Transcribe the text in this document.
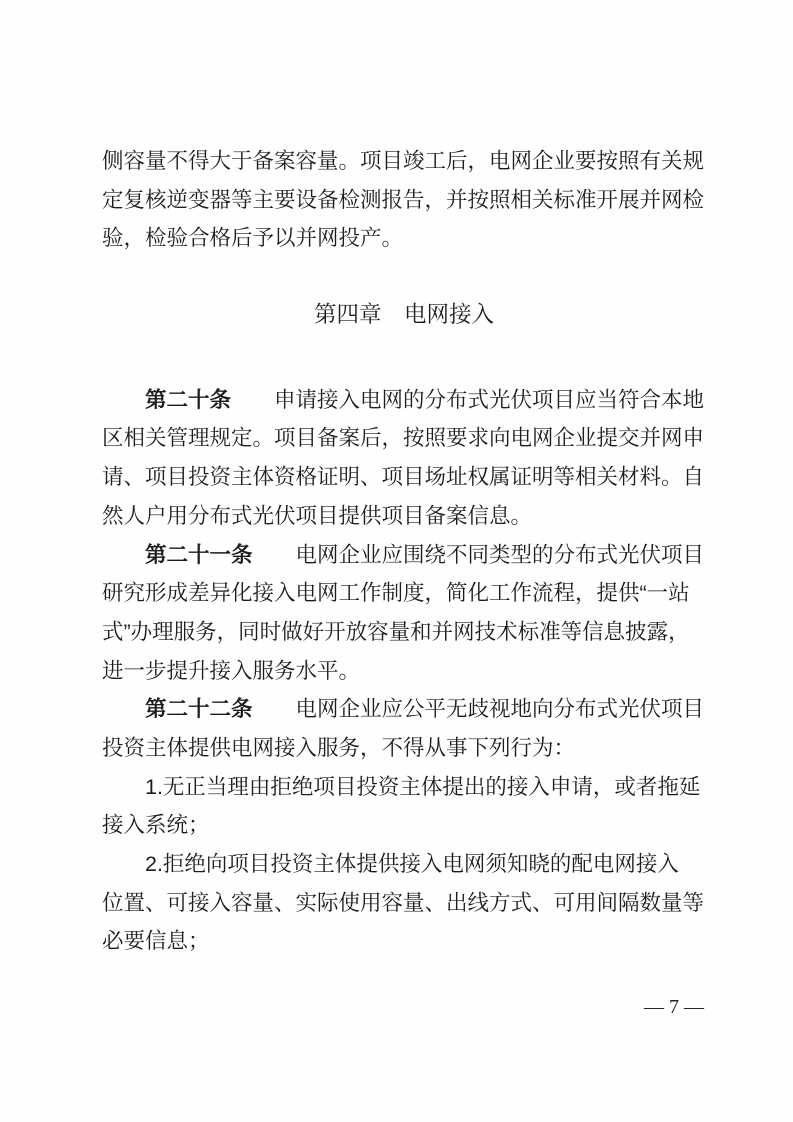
侧容量不得大于备案容量。项目竣工后，电网企业要按照有关规
定复核逆变器等主要设备检测报告，并按照相关标准开展并网检
验，检验合格后予以并网投产。
第四章　电网接入
第二十条 申请接入电网的分布式光伏项目应当符合本地
区相关管理规定。项目备案后，按照要求向电网企业提交并网申
请、项目投资主体资格证明、项目场址权属证明等相关材料。自
然人户用分布式光伏项目提供项目备案信息。
第二十一条 电网企业应围绕不同类型的分布式光伏项目
研究形成差异化接入电网工作制度，简化工作流程，提供“一站
式”办理服务，同时做好开放容量和并网技术标准等信息披露，
进一步提升接入服务水平。
第二十二条 电网企业应公平无歧视地向分布式光伏项目
投资主体提供电网接入服务，不得从事下列行为：
1.无正当理由拒绝项目投资主体提出的接入申请，或者拖延
接入系统；
2.拒绝向项目投资主体提供接入电网须知晓的配电网接入
位置、可接入容量、实际使用容量、出线方式、可用间隔数量等
必要信息；
— 7 —
